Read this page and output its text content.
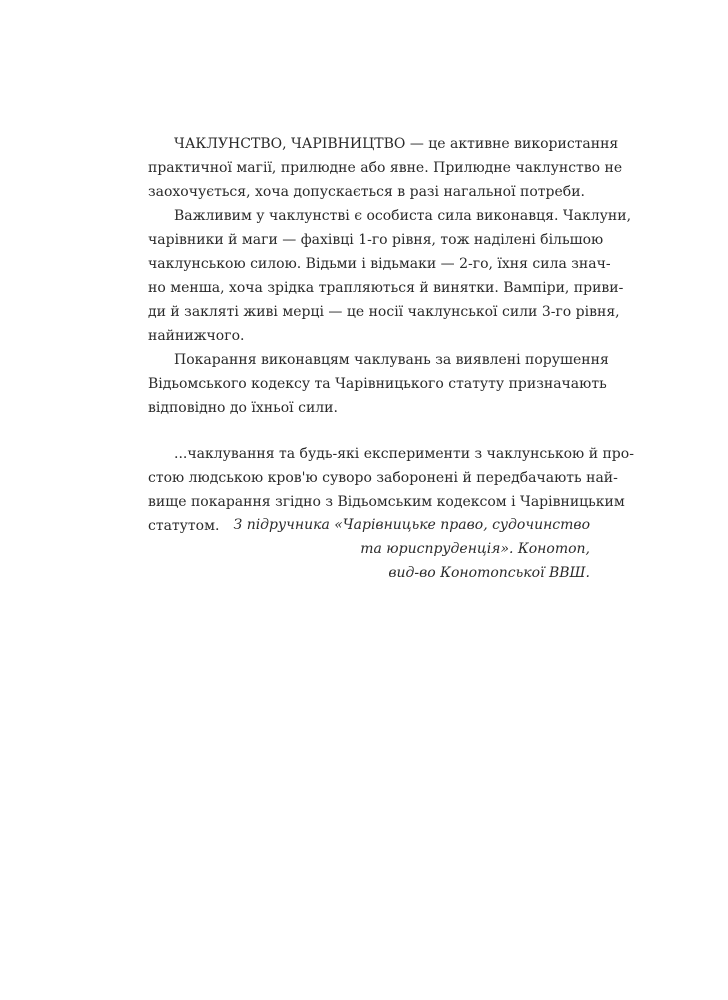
ЧАКЛУНСТВО, ЧАРІВНИЦТВО — це активне використання

практичної магії, прилюдне або явне. Прилюдне чаклунство не

заохочується, хоча допускається в разі нагальної потреби.

Важливим у чаклунстві є особиста сила виконавця. Чаклуни,

чарівники й маги — фахівці 1-го рівня, тож наділені більшою

чаклунською силою. Відьми і відьмаки — 2-го, їхня сила знач-

но менша, хоча зрідка трапляються й винятки. Вампіри, приви-

ди й закляті живі мерці — це носії чаклунської сили 3-го рівня,

найнижчого.

Покарання виконавцям чаклувань за виявлені порушення

Відьомського кодексу та Чарівницького статуту призначають

відповідно до їхньої сили.

...чаклування та будь-які експерименти з чаклунською й про-

стою людською кров'ю суворо заборонені й передбачають най-

вище покарання згідно з Відьомським кодексом і Чарівницьким

статутом.	З підручника «Чарівницьке право, судочинство

та юриспруденція». Конотоп,

вид-во Конотопської ВВШ.
